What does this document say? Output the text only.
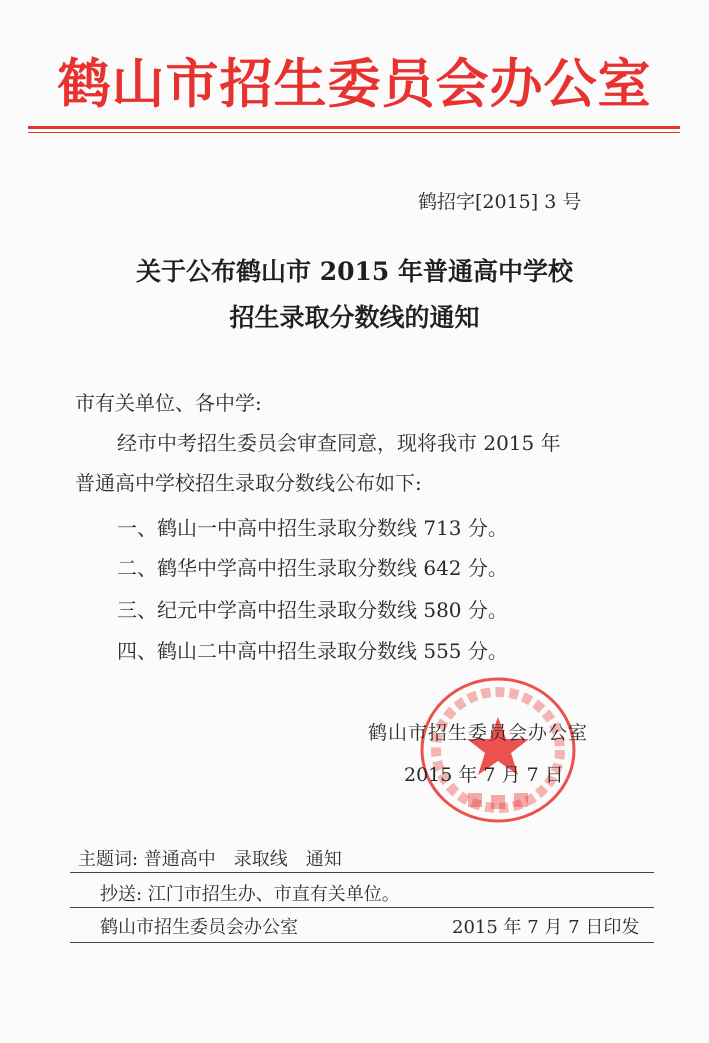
鹤山市招生委员会办公室
鹤招字[2015] 3 号
关于公布鹤山市 2015 年普通高中学校
招生录取分数线的通知
市有关单位、各中学:
经市中考招生委员会审查同意，现将我市 2015 年
普通高中学校招生录取分数线公布如下:
一、鹤山一中高中招生录取分数线 713 分。
二、鹤华中学高中招生录取分数线 642 分。
三、纪元中学高中招生录取分数线 580 分。
四、鹤山二中高中招生录取分数线 555 分。
鹤山市招生委员会办公室
2015 年 7 月 7 日
主题词: 普通高中　录取线　通知
抄送: 江门市招生办、市直有关单位。
鹤山市招生委员会办公室	2015 年 7 月 7 日印发
